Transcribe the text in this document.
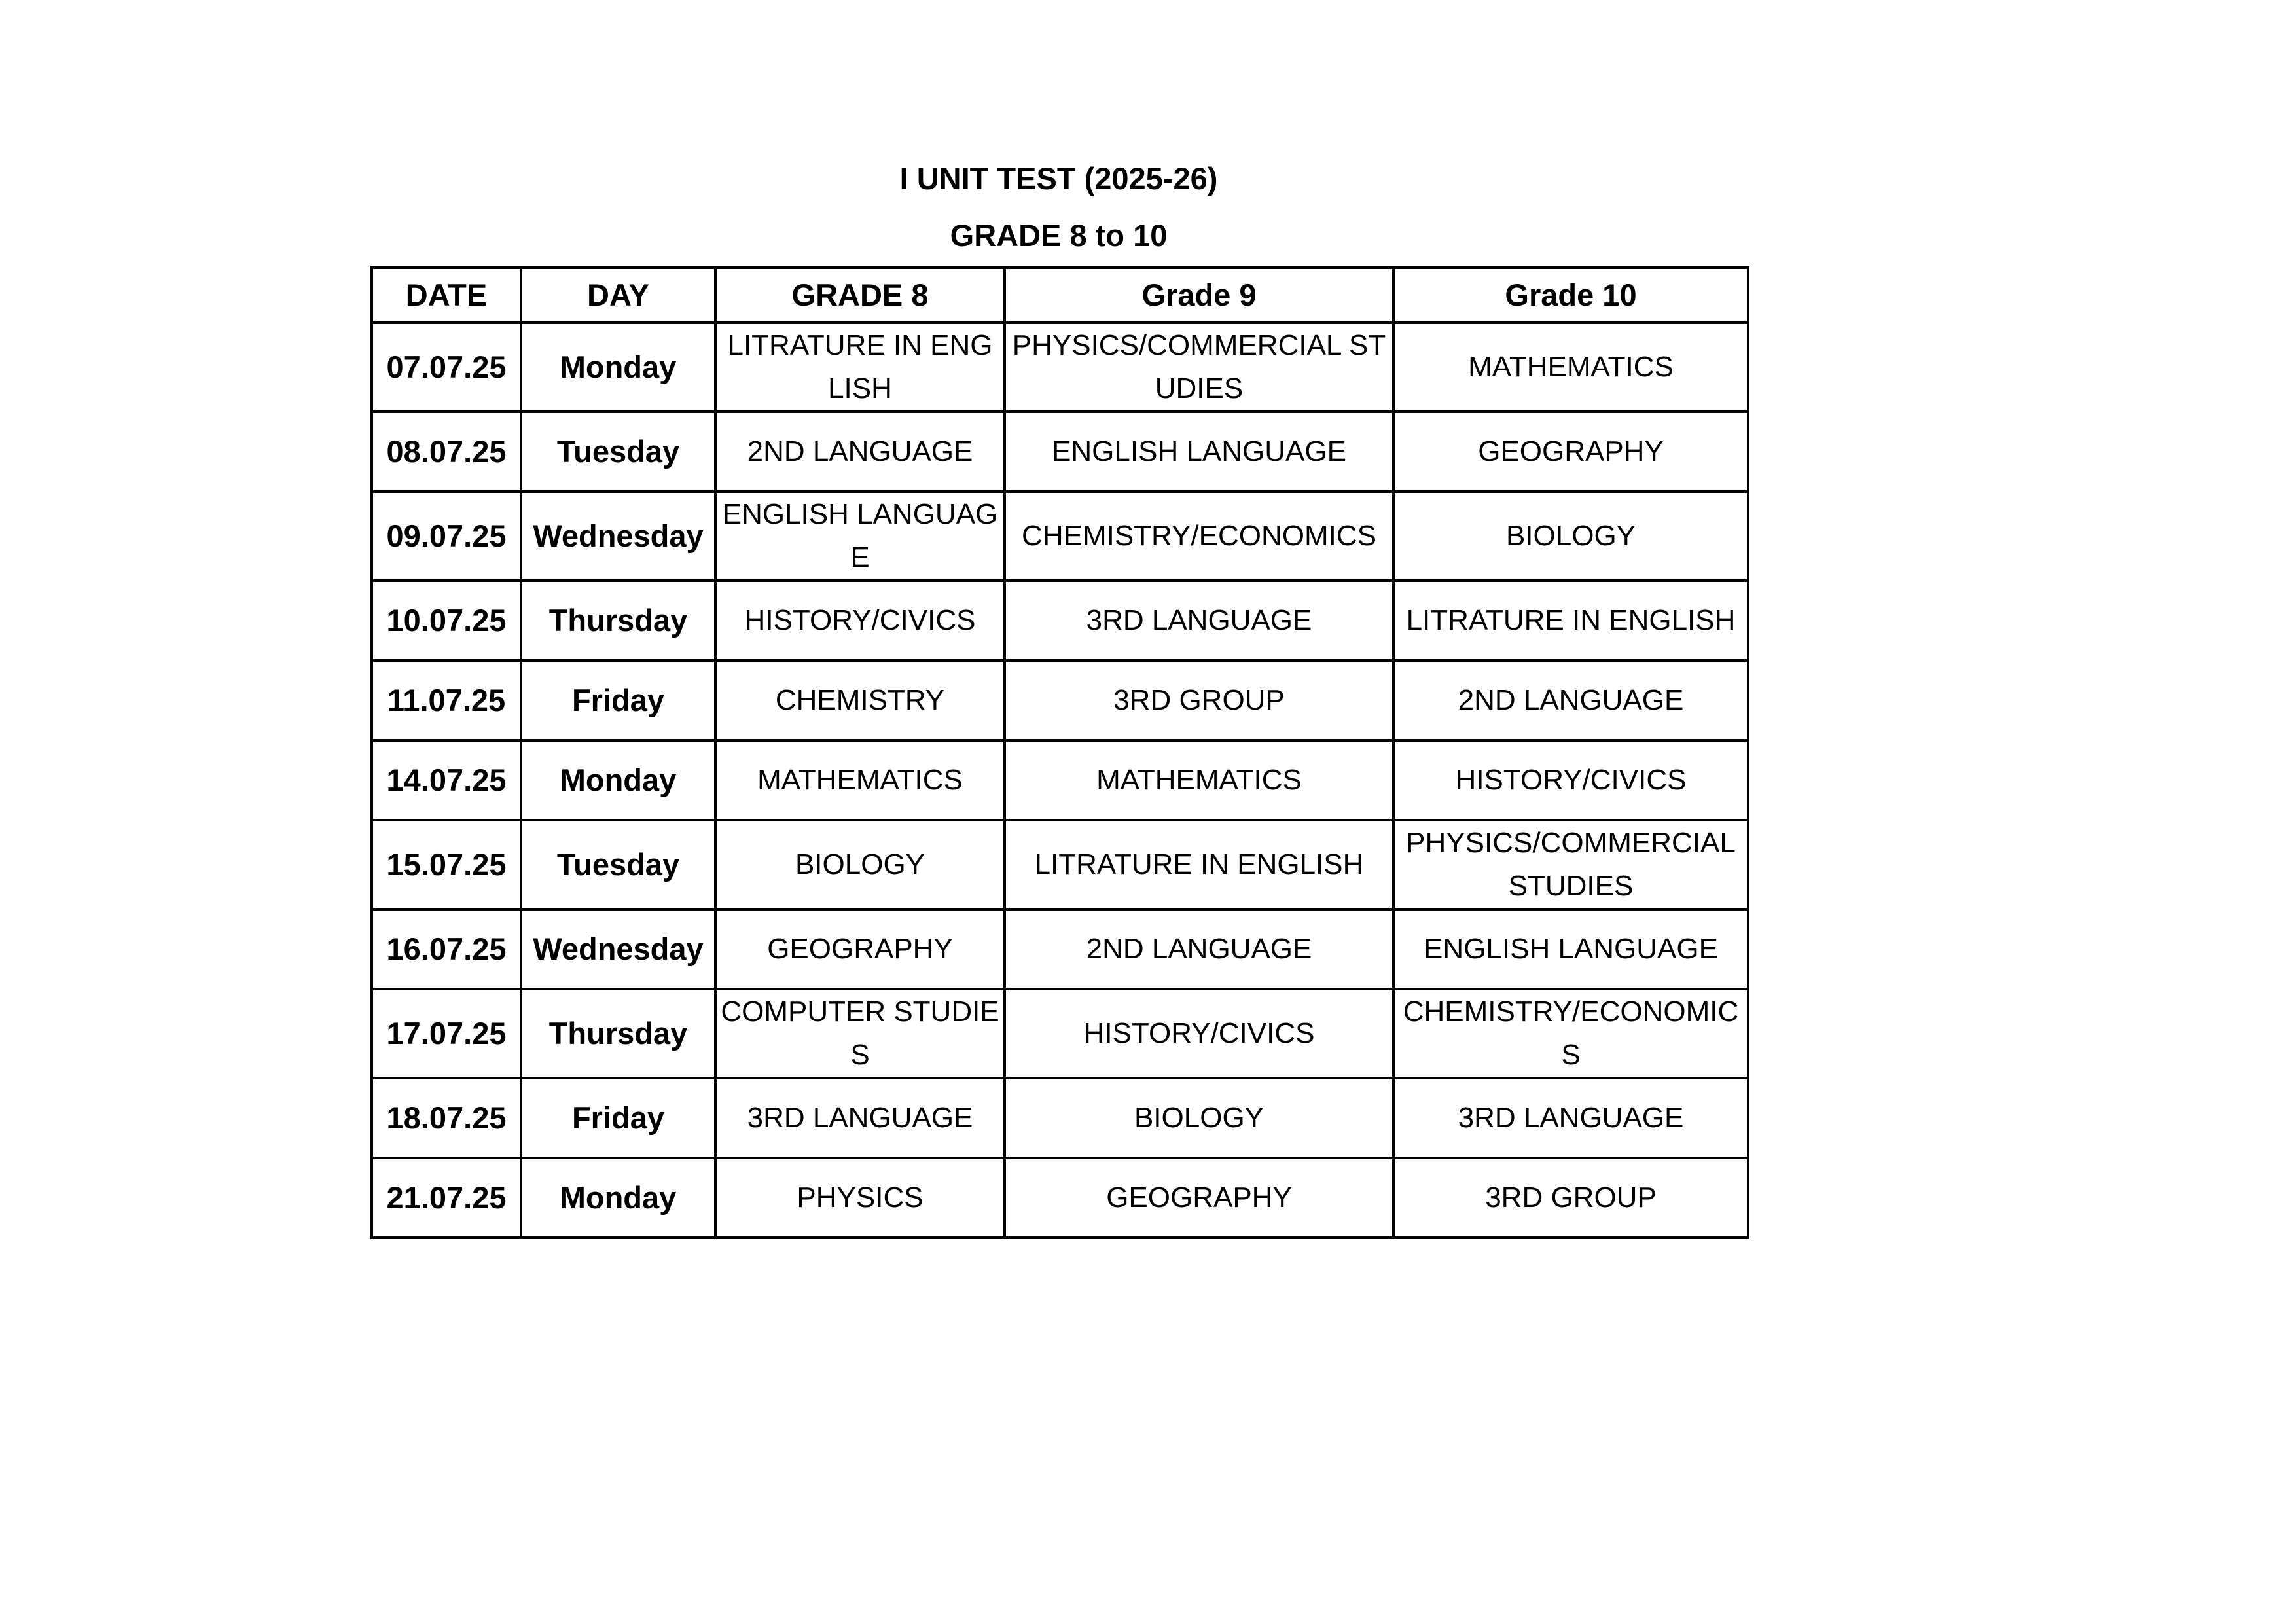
I UNIT TEST (2025-26)
GRADE 8 to 10
DATE	DAY	GRADE 8	Grade 9	Grade 10
07.07.25	Monday	LITRATURE IN ENGLISH	PHYSICS/COMMERCIAL STUDIES	MATHEMATICS
08.07.25	Tuesday	2ND LANGUAGE	ENGLISH LANGUAGE	GEOGRAPHY
09.07.25	Wednesday	ENGLISH LANGUAGE	CHEMISTRY/ECONOMICS	BIOLOGY
10.07.25	Thursday	HISTORY/CIVICS	3RD LANGUAGE	LITRATURE IN ENGLISH
11.07.25	Friday	CHEMISTRY	3RD GROUP	2ND LANGUAGE
14.07.25	Monday	MATHEMATICS	MATHEMATICS	HISTORY/CIVICS
15.07.25	Tuesday	BIOLOGY	LITRATURE IN ENGLISH	PHYSICS/COMMERCIAL STUDIES
16.07.25	Wednesday	GEOGRAPHY	2ND LANGUAGE	ENGLISH LANGUAGE
17.07.25	Thursday	COMPUTER STUDIES	HISTORY/CIVICS	CHEMISTRY/ECONOMICS
18.07.25	Friday	3RD LANGUAGE	BIOLOGY	3RD LANGUAGE
21.07.25	Monday	PHYSICS	GEOGRAPHY	3RD GROUP
